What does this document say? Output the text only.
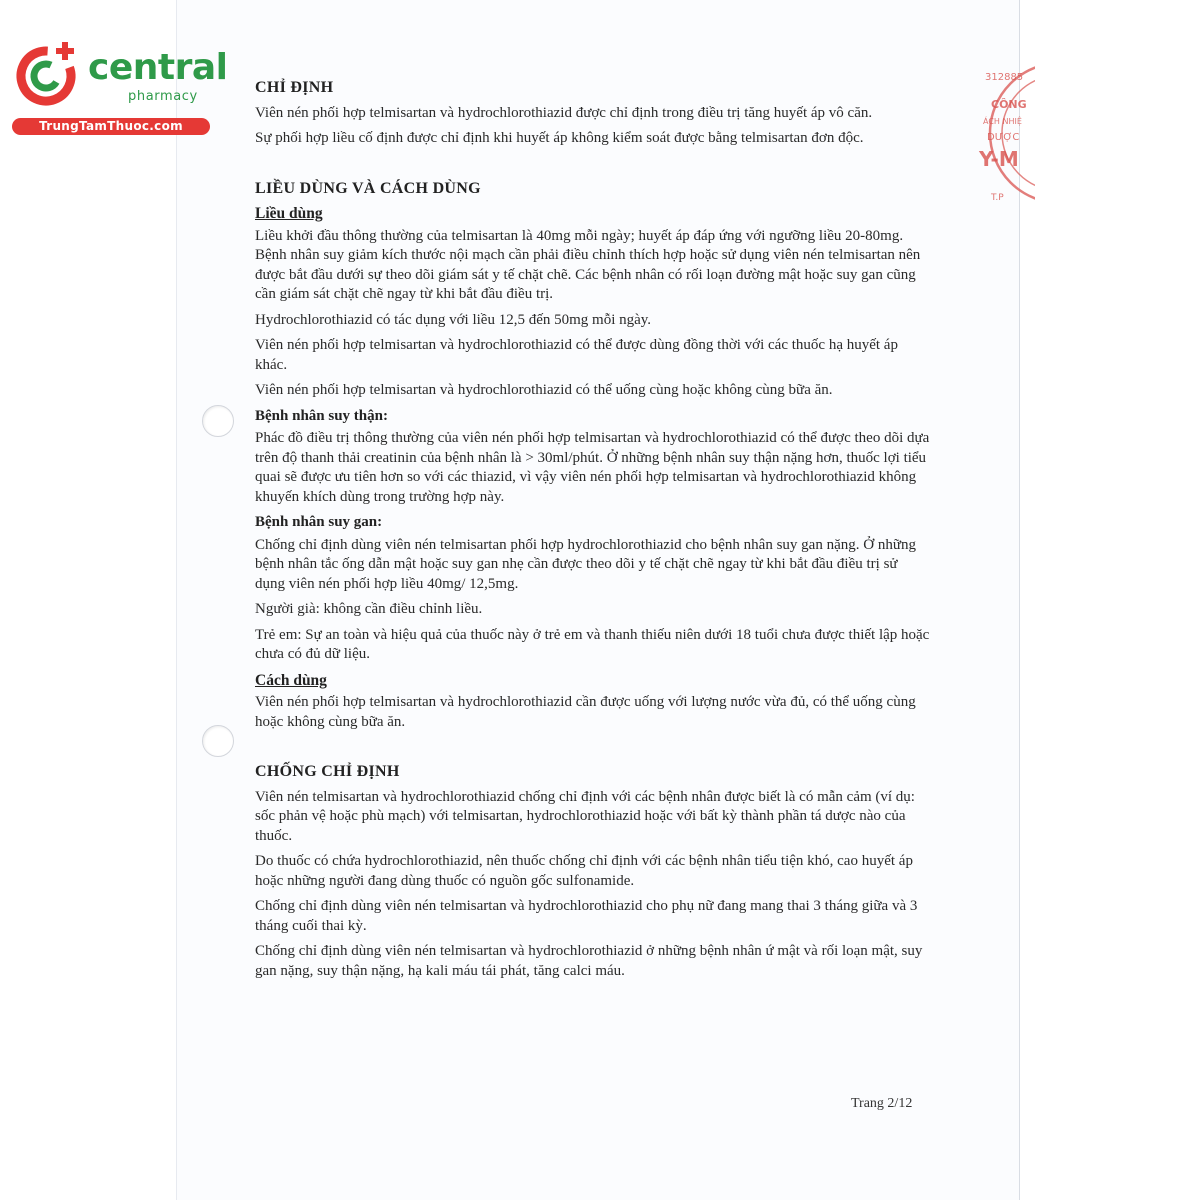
central
pharmacy
TrungTamThuoc.com
312885
CÔNG
ÁCH NHIỆ
DƯỢC
Y-M
T.P
CHỈ ĐỊNH

Viên nén phối hợp telmisartan và hydrochlorothiazid được chỉ định trong điều trị tăng huyết áp vô căn.

Sự phối hợp liều cố định được chỉ định khi huyết áp không kiểm soát được bằng telmisartan đơn độc.

LIỀU DÙNG VÀ CÁCH DÙNG
Liều dùng

Liều khởi đầu thông thường của telmisartan là 40mg mỗi ngày; huyết áp đáp ứng với ngưỡng liều 20-80mg. Bệnh nhân suy giảm kích thước nội mạch cần phải điều chỉnh thích hợp hoặc sử dụng viên nén telmisartan nên được bắt đầu dưới sự theo dõi giám sát y tế chặt chẽ. Các bệnh nhân có rối loạn đường mật hoặc suy gan cũng cần giám sát chặt chẽ ngay từ khi bắt đầu điều trị.

Hydrochlorothiazid có tác dụng với liều 12,5 đến 50mg mỗi ngày.

Viên nén phối hợp telmisartan và hydrochlorothiazid có thể được dùng đồng thời với các thuốc hạ huyết áp khác.

Viên nén phối hợp telmisartan và hydrochlorothiazid có thể uống cùng hoặc không cùng bữa ăn.

Bệnh nhân suy thận:

Phác đồ điều trị thông thường của viên nén phối hợp telmisartan và hydrochlorothiazid có thể được theo dõi dựa trên độ thanh thải creatinin của bệnh nhân là > 30ml/phút. Ở những bệnh nhân suy thận nặng hơn, thuốc lợi tiểu quai sẽ được ưu tiên hơn so với các thiazid, vì vậy viên nén phối hợp telmisartan và hydrochlorothiazid không khuyến khích dùng trong trường hợp này.

Bệnh nhân suy gan:

Chống chỉ định dùng viên nén telmisartan phối hợp hydrochlorothiazid cho bệnh nhân suy gan nặng. Ở những bệnh nhân tắc ống dẫn mật hoặc suy gan nhẹ cần được theo dõi y tế chặt chẽ ngay từ khi bắt đầu điều trị sử dụng viên nén phối hợp liều 40mg/ 12,5mg.

Người già: không cần điều chỉnh liều.

Trẻ em: Sự an toàn và hiệu quả của thuốc này ở trẻ em và thanh thiếu niên dưới 18 tuổi chưa được thiết lập hoặc chưa có đủ dữ liệu.

Cách dùng

Viên nén phối hợp telmisartan và hydrochlorothiazid cần được uống với lượng nước vừa đủ, có thể uống cùng hoặc không cùng bữa ăn.

CHỐNG CHỈ ĐỊNH

Viên nén telmisartan và hydrochlorothiazid chống chỉ định với các bệnh nhân được biết là có mẫn cảm (ví dụ: sốc phản vệ hoặc phù mạch) với telmisartan, hydrochlorothiazid hoặc với bất kỳ thành phần tá dược nào của thuốc.

Do thuốc có chứa hydrochlorothiazid, nên thuốc chống chỉ định với các bệnh nhân tiểu tiện khó, cao huyết áp hoặc những người đang dùng thuốc có nguồn gốc sulfonamide.

Chống chỉ định dùng viên nén telmisartan và hydrochlorothiazid cho phụ nữ đang mang thai 3 tháng giữa và 3 tháng cuối thai kỳ.

Chống chỉ định dùng viên nén telmisartan và hydrochlorothiazid ở những bệnh nhân ứ mật và rối loạn mật, suy gan nặng, suy thận nặng, hạ kali máu tái phát, tăng calci máu.

Trang 2/12
